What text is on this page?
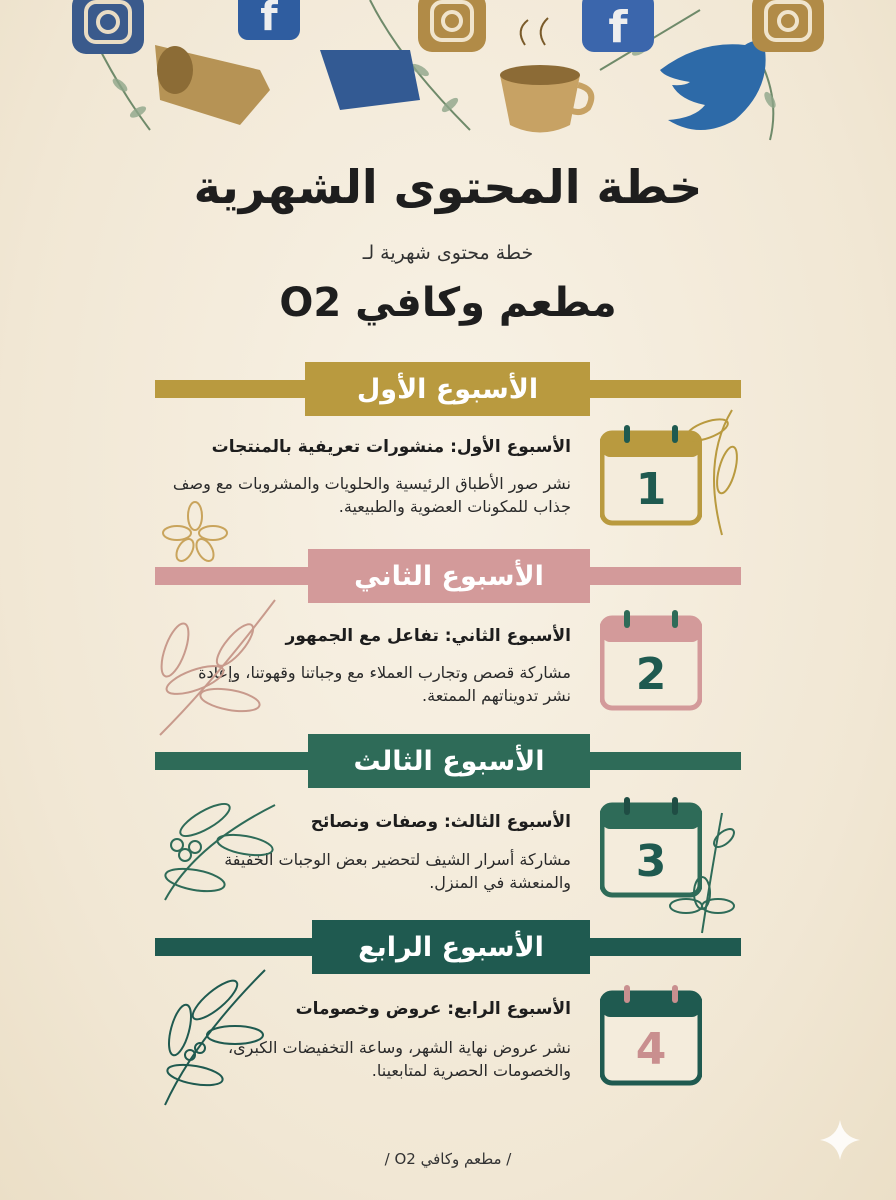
f	f
خطة المحتوى الشهرية
خطة محتوى شهرية لـ
مطعم وكافي O2
الأسبوع الأول
الأسبوع الأول: منشورات تعريفية بالمنتجات
نشر صور الأطباق الرئيسية والحلويات والمشروبات مع وصف جذاب للمكونات العضوية والطبيعية.	1
الأسبوع الثاني
الأسبوع الثاني: تفاعل مع الجمهور
مشاركة قصص وتجارب العملاء مع وجباتنا وقهوتنا، وإعادة نشر تدويناتهم الممتعة.	2
الأسبوع الثالث
الأسبوع الثالث: وصفات ونصائح
مشاركة أسرار الشيف لتحضير بعض الوجبات الخفيفة والمنعشة في المنزل.	3
الأسبوع الرابع
الأسبوع الرابع: عروض وخصومات
نشر عروض نهاية الشهر، وساعة التخفيضات الكبرى، والخصومات الحصرية لمتابعينا.	4
/ مطعم وكافي O2 /
